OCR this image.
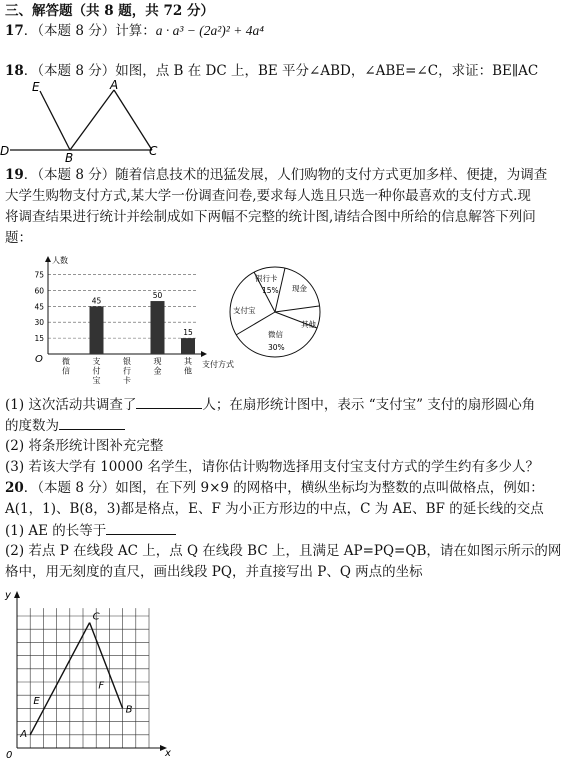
三、解答题（共 8 题，共 72 分）
17．（本题 8 分）计算：a · a³ − (2a²)² + 4a⁴
18．（本题 8 分）如图，点 B 在 DC 上，BE 平分∠ABD，∠ABE=∠C，求证：BE∥AC
E	A
D	B	C
19．（本题 8 分）随着信息技术的迅猛发展，人们购物的支付方式更加多样、便捷，为调查
大学生购物支付方式,某大学一份调查问卷,要求每人选且只选一种你最喜欢的支付方式.现
将调查结果进行统计并绘制成如下两幅不完整的统计图,请结合图中所给的信息解答下列问
题：
人数
支付方式
O
15
30
45
60
75
45
50
15
微信
支付宝
银行卡
现金
其他
银行卡
15% 现金
其他
微信
30%
支付宝
(1) 这次活动共调查了	人；在扇形统计图中，表示 “支付宝” 支付的扇形圆心角
的度数为
(2) 将条形统计图补充完整
(3) 若该大学有 10000 名学生，请你估计购物选择用支付宝支付方式的学生约有多少人？
20．（本题 8 分）如图，在下列 9×9 的网格中，横纵坐标均为整数的点叫做格点，例如：
A(1，1)、B(8，3)都是格点，E、F 为小正方形边的中点，C 为 AE、BF 的延长线的交点
(1) AE 的长等于
(2) 若点 P 在线段 AC 上，点 Q 在线段 BC 上，且满足 AP=PQ=QB，请在如图示所示的网
格中，用无刻度的直尺，画出线段 PQ，并直接写出 P、Q 两点的坐标
y
x
0
A
B
C
E
F
